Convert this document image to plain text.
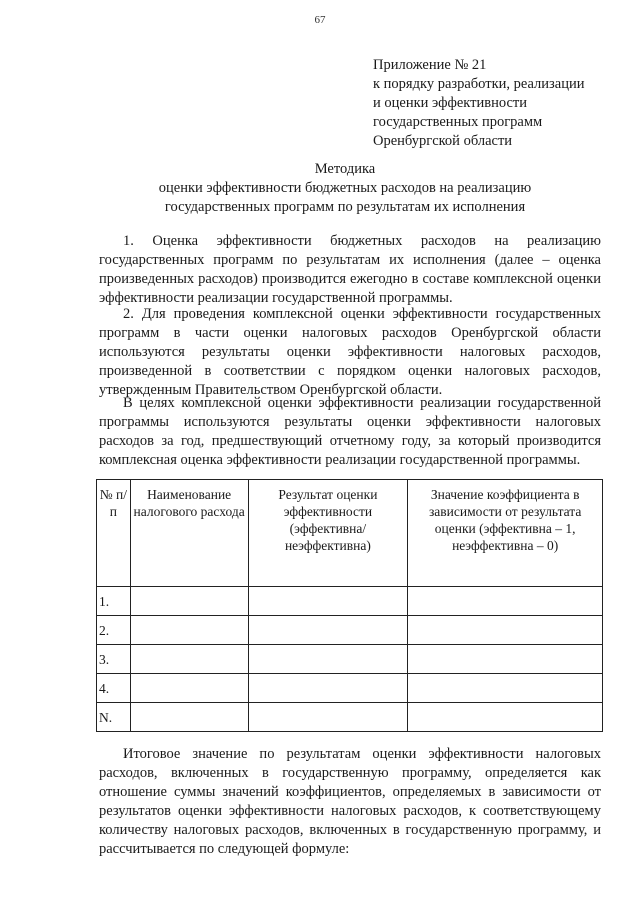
67
Приложение № 21
к порядку разработки, реализации
и оценки эффективности
государственных программ
Оренбургской области
Методика
оценки эффективности бюджетных расходов на реализацию
государственных программ по результатам их исполнения

1. Оценка эффективности бюджетных расходов на реализацию государственных программ по результатам их исполнения (далее – оценка произведенных расходов) производится ежегодно в составе комплексной оценки эффективности реализации государственной программы.

2. Для проведения комплексной оценки эффективности государственных программ в части оценки налоговых расходов Оренбургской области используются результаты оценки эффективности налоговых расходов, произведенной в соответствии с порядком оценки налоговых расходов, утвержденным Правительством Оренбургской области.

В целях комплексной оценки эффективности реализации государственной программы используются результаты оценки эффективности налоговых расходов за год, предшествующий отчетному году, за который производится комплексная оценка эффективности реализации государственной программы.

№ п/п	Наименование налогового расхода	Результат оценки эффективности (эффективна/ неэффективна)	Значение коэффициента в зависимости от результата оценки (эффективна – 1, неэффективна – 0)
1.			
2.			
3.			
4.			
N.			

Итоговое значение по результатам оценки эффективности налоговых расходов, включенных в государственную программу, определяется как отношение суммы значений коэффициентов, определяемых в зависимости от результатов оценки эффективности налоговых расходов, к соответствующему количеству налоговых расходов, включенных в государственную программу, и рассчитывается по следующей формуле:
